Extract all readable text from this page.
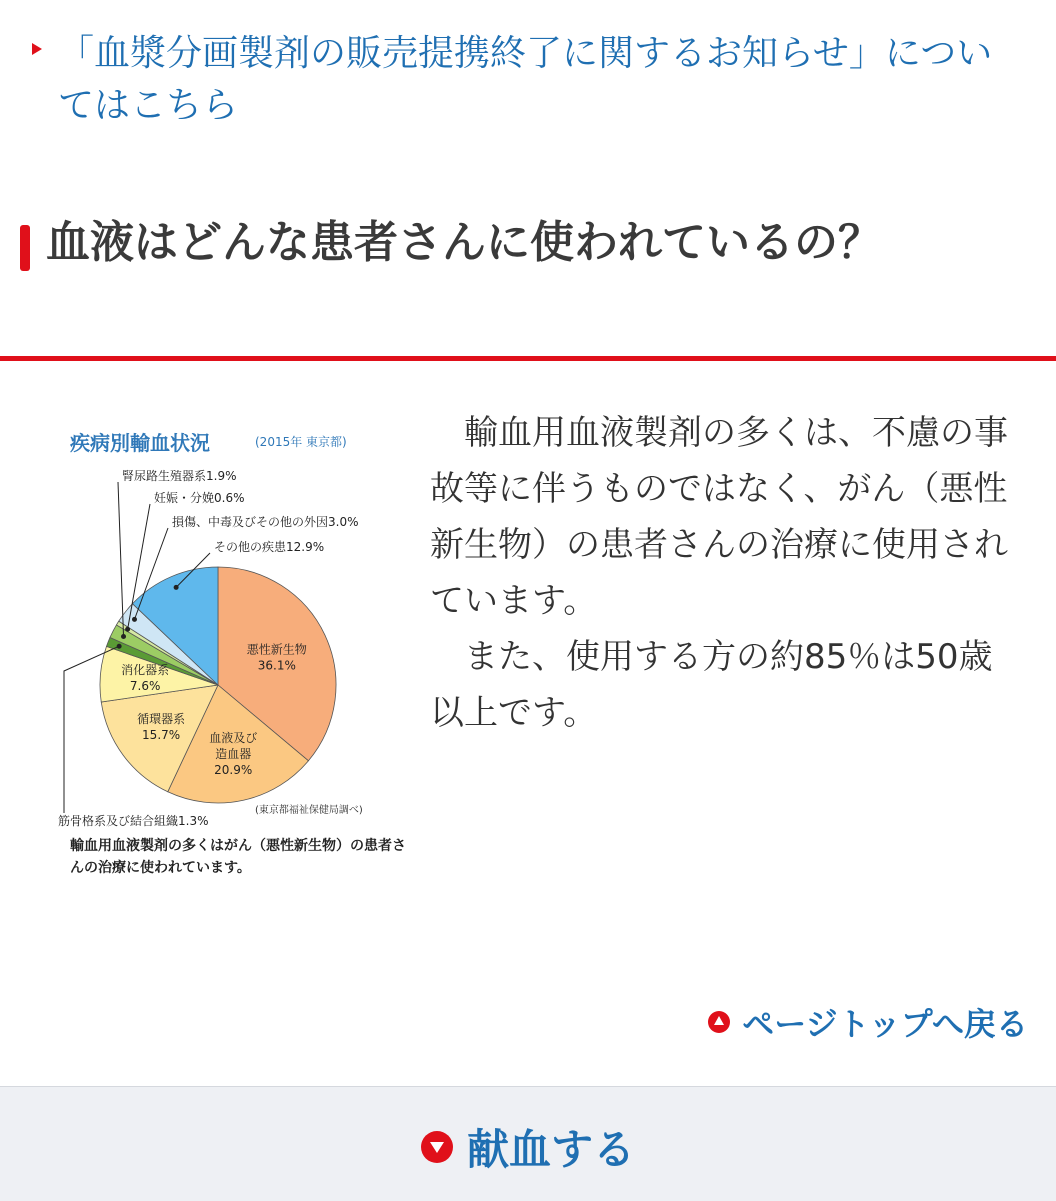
「血漿分画製剤の販売提携終了に関するお知らせ」についてはこちら
血液はどんな患者さんに使われているの？
疾病別輸血状況	(2015年 東京都)
悪性新生物
36.1%
血液及び
造血器
20.9%
循環器系
15.7%
消化器系
7.6%
腎尿路生殖器系1.9%
妊娠・分娩0.6%
損傷、中毒及びその他の外因3.0%
その他の疾患12.9%
筋骨格系及び結合組織1.3%
(東京都福祉保健局調べ)
輸血用血液製剤の多くはがん（悪性新生物）の患者さんの治療に使われています。

輸血用血液製剤の多くは、不慮の事故等に伴うものではなく、がん（悪性新生物）の患者さんの治療に使用されています。

また、使用する方の約85％は50歳以上です。

ページトップへ戻る
献血する
